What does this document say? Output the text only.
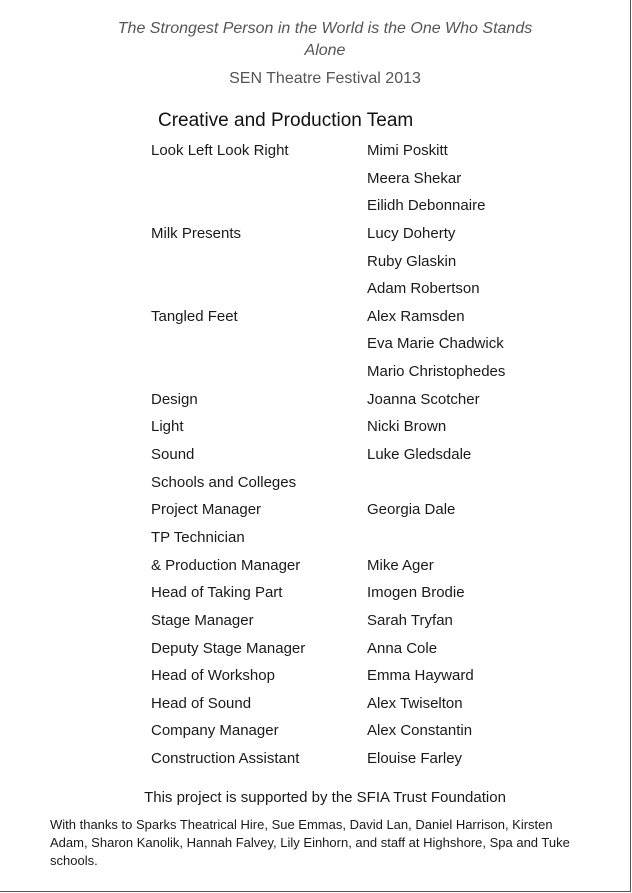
The Strongest Person in the World is the One Who Stands Alone
SEN Theatre Festival 2013
Creative and Production Team
Look Left Look Right	Mimi Poskitt
Meera Shekar
Eilidh Debonnaire
Milk Presents	Lucy Doherty
Ruby Glaskin
Adam Robertson
Tangled Feet	Alex Ramsden
Eva Marie Chadwick
Mario Christophedes
Design	Joanna Scotcher
Light	Nicki Brown
Sound	Luke Gledsdale
Schools and Colleges
Project Manager	Georgia Dale
TP Technician
& Production Manager	Mike Ager
Head of Taking Part	Imogen Brodie
Stage Manager	Sarah Tryfan
Deputy Stage Manager	Anna Cole
Head of Workshop	Emma Hayward
Head of Sound	Alex Twiselton
Company Manager	Alex Constantin
Construction Assistant	Elouise Farley
This project is supported by the SFIA Trust Foundation
With thanks to Sparks Theatrical Hire, Sue Emmas, David Lan, Daniel Harrison, Kirsten Adam, Sharon Kanolik, Hannah Falvey, Lily Einhorn, and staff at Highshore, Spa and Tuke schools.
